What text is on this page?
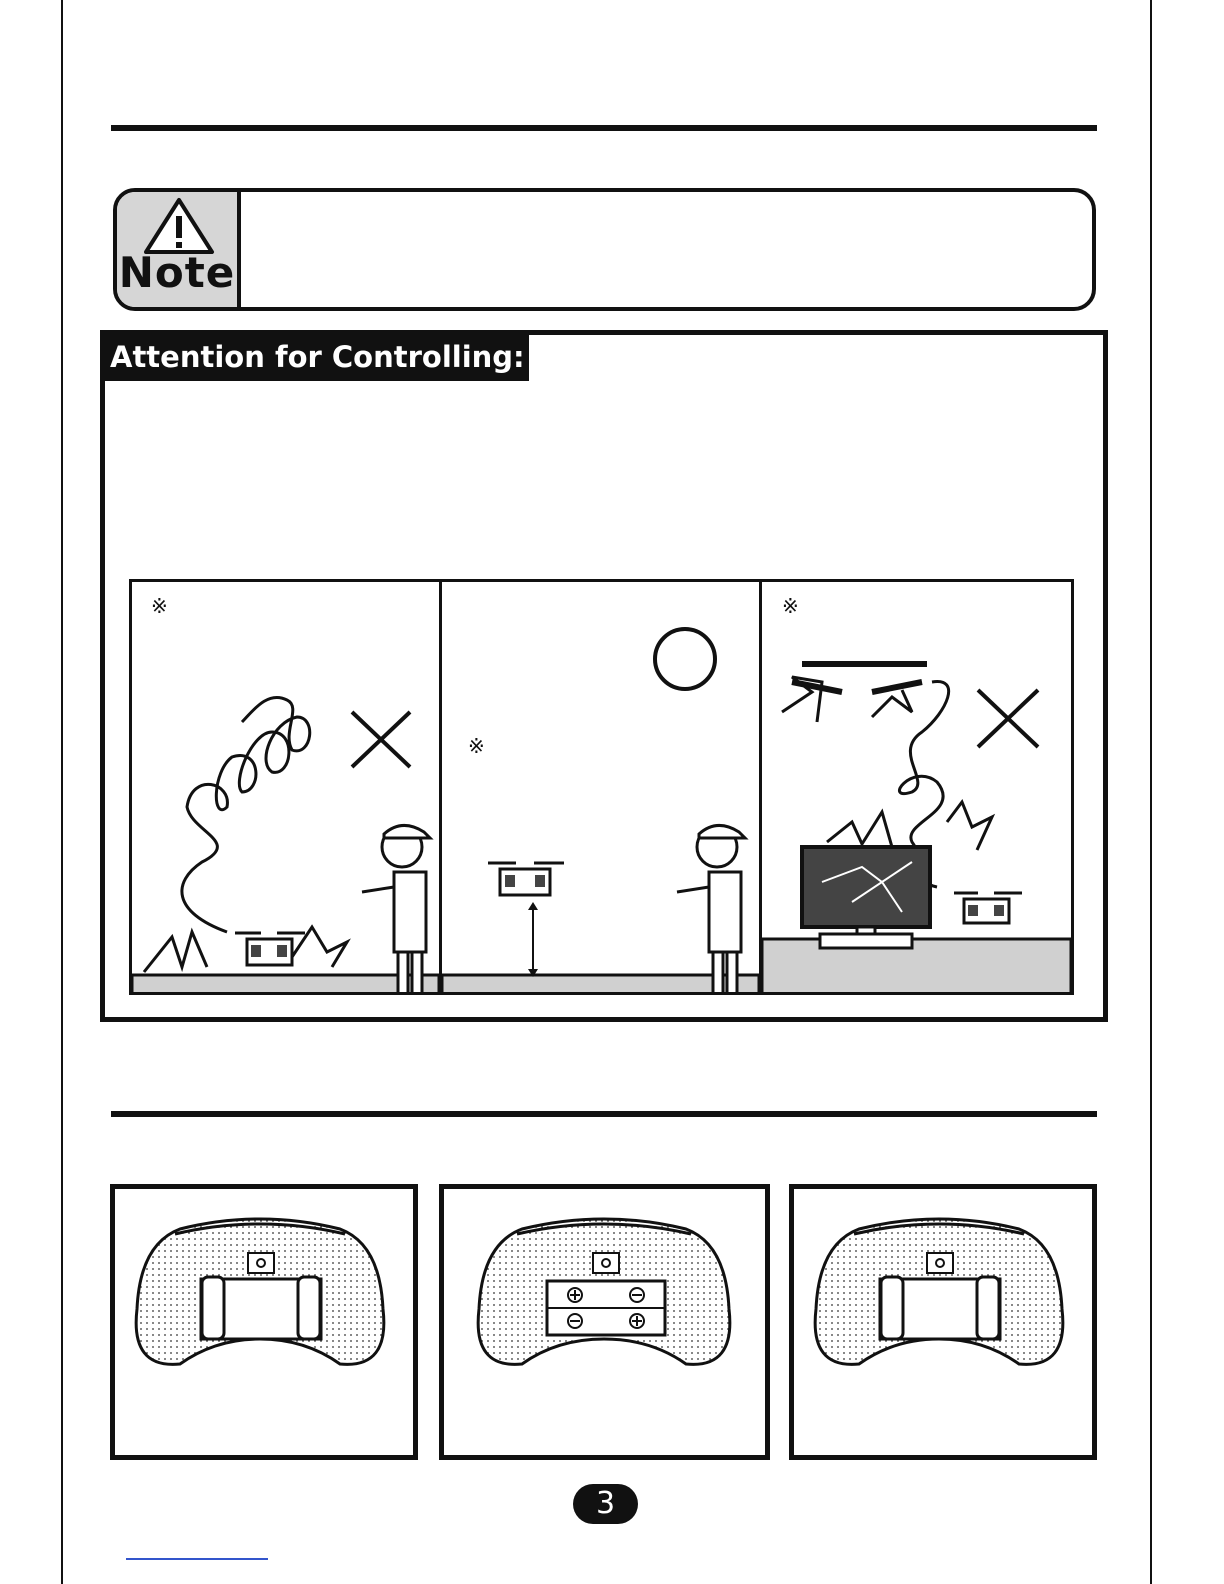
Note
Attention for Controlling:
※
※
※
3
